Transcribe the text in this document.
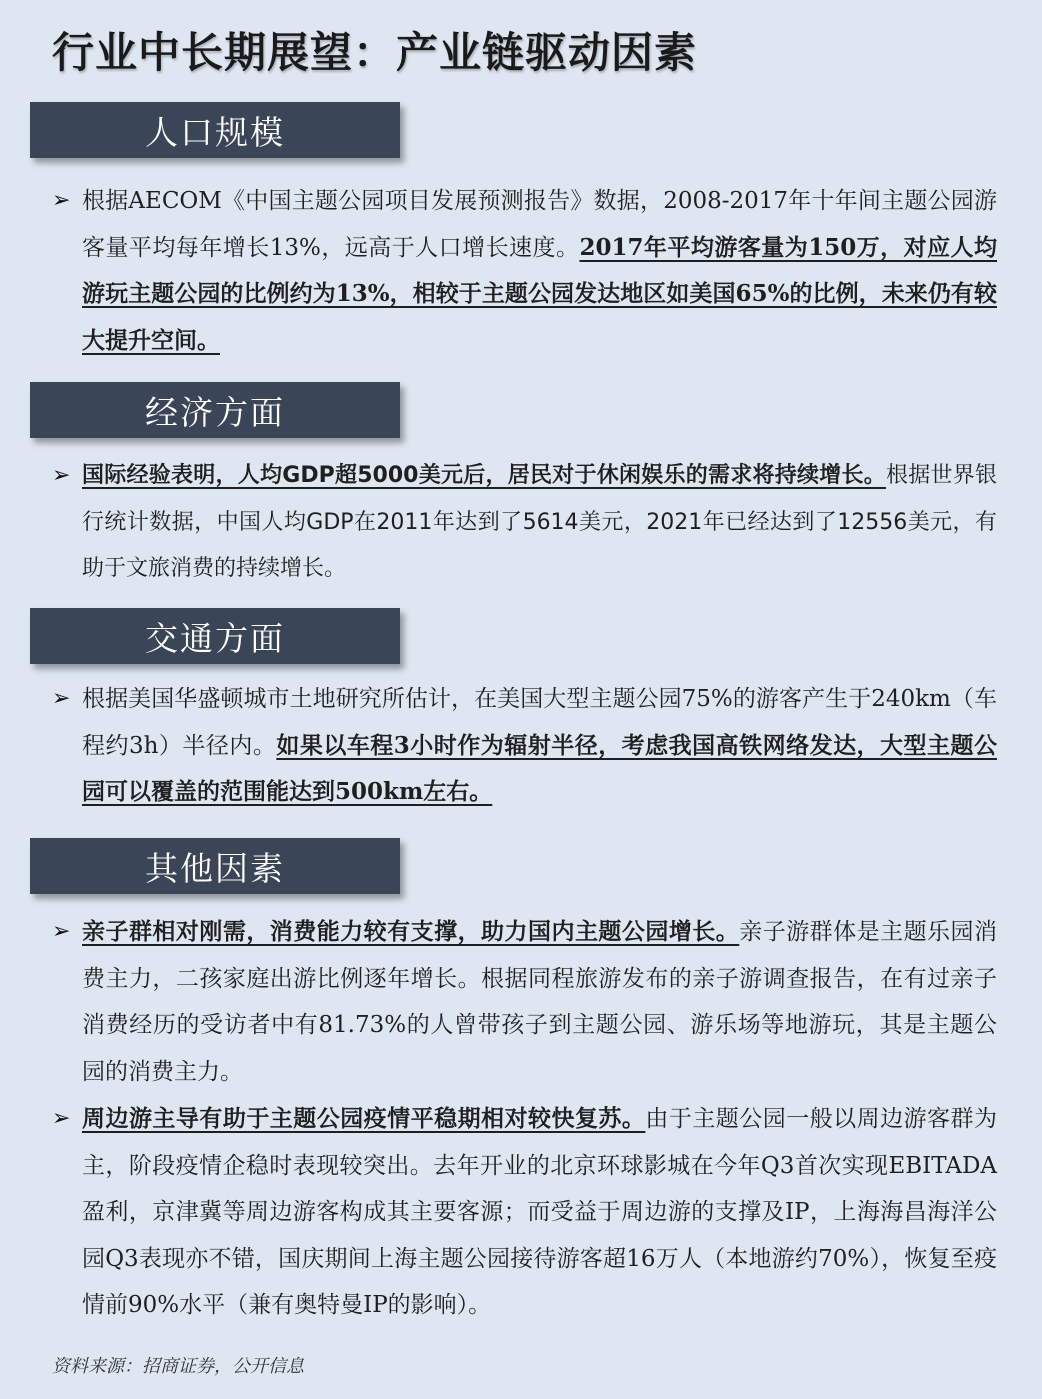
行业中长期展望：产业链驱动因素
人口规模
➢ 根据AECOM《中国主题公园项目发展预测报告》数据，2008-2017年十年间主题公园游客量平均每年增长13%，远高于人口增长速度。2017年平均游客量为150万，对应人均游玩主题公园的比例约为13%，相较于主题公园发达地区如美国65%的比例，未来仍有较大提升空间。
经济方面
➢ 国际经验表明，人均GDP超5000美元后，居民对于休闲娱乐的需求将持续增长。根据世界银行统计数据，中国人均GDP在2011年达到了5614美元，2021年已经达到了12556美元，有助于文旅消费的持续增长。
交通方面
➢ 根据美国华盛顿城市土地研究所估计，在美国大型主题公园75%的游客产生于240km（车程约3h）半径内。如果以车程3小时作为辐射半径，考虑我国高铁网络发达，大型主题公园可以覆盖的范围能达到500km左右。
其他因素
➢ 亲子群相对刚需，消费能力较有支撑，助力国内主题公园增长。亲子游群体是主题乐园消费主力，二孩家庭出游比例逐年增长。根据同程旅游发布的亲子游调查报告，在有过亲子消费经历的受访者中有81.73%的人曾带孩子到主题公园、游乐场等地游玩，其是主题公园的消费主力。
➢ 周边游主导有助于主题公园疫情平稳期相对较快复苏。由于主题公园一般以周边游客群为主，阶段疫情企稳时表现较突出。去年开业的北京环球影城在今年Q3首次实现EBITADA盈利，京津冀等周边游客构成其主要客源；而受益于周边游的支撑及IP，上海海昌海洋公园Q3表现亦不错，国庆期间上海主题公园接待游客超16万人（本地游约70%），恢复至疫情前90%水平（兼有奥特曼IP的影响）。
资料来源：招商证券，公开信息
